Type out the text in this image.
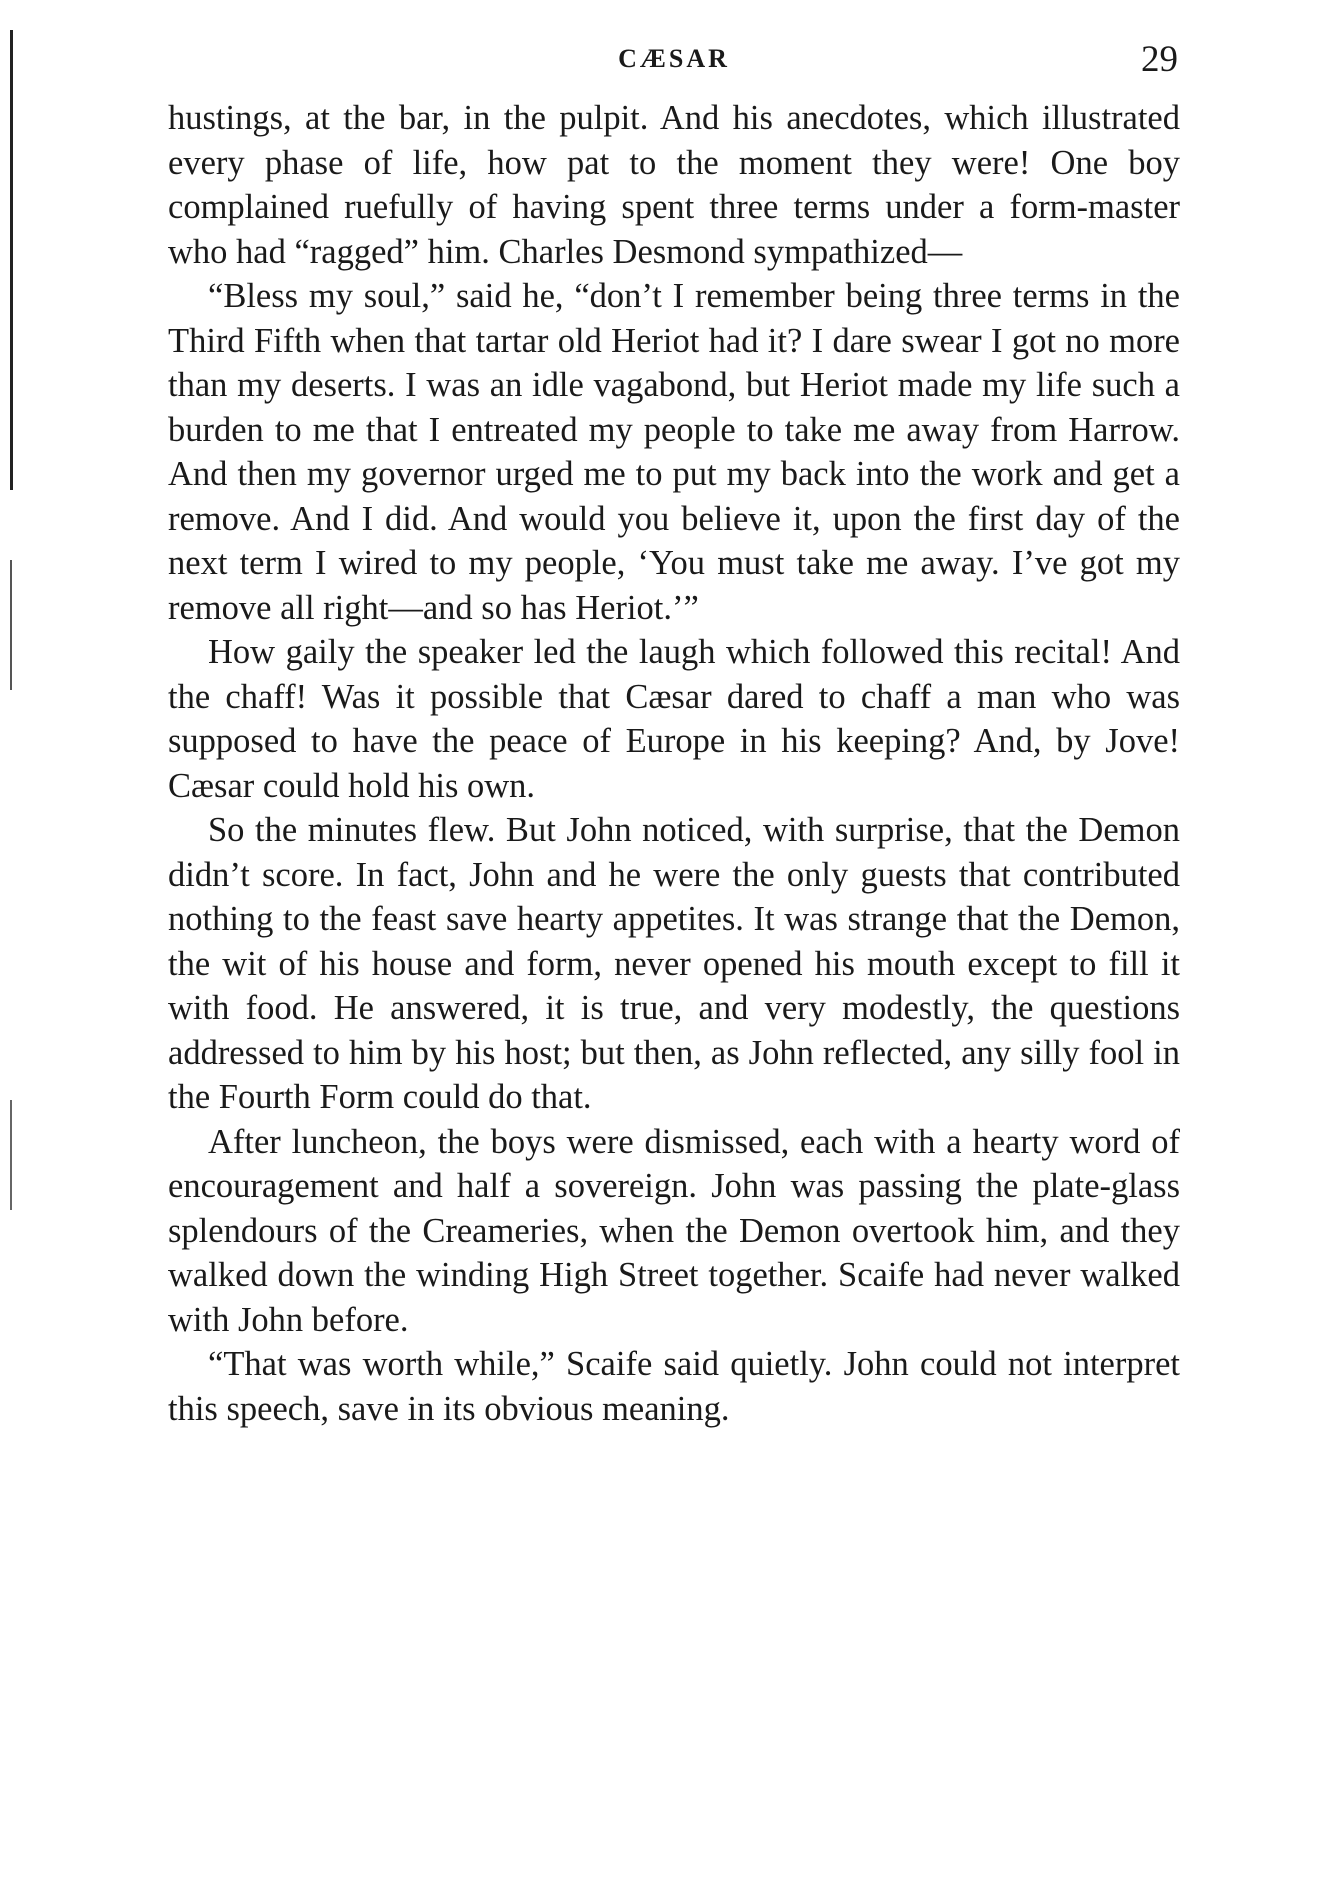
CÆSAR	29

hustings, at the bar, in the pulpit. And his anecdotes, which illustrated every phase of life, how pat to the moment they were! One boy complained ruefully of having spent three terms under a form-master who had “ragged” him. Charles Desmond sympathized—

“Bless my soul,” said he, “don’t I remember being three terms in the Third Fifth when that tartar old Heriot had it? I dare swear I got no more than my deserts. I was an idle vagabond, but Heriot made my life such a burden to me that I entreated my people to take me away from Harrow. And then my governor urged me to put my back into the work and get a remove. And I did. And would you believe it, upon the first day of the next term I wired to my people, ‘You must take me away. I’ve got my remove all right—and so has Heriot.’”

How gaily the speaker led the laugh which followed this recital! And the chaff! Was it possible that Cæsar dared to chaff a man who was supposed to have the peace of Europe in his keeping? And, by Jove! Cæsar could hold his own.

So the minutes flew. But John noticed, with surprise, that the Demon didn’t score. In fact, John and he were the only guests that contributed nothing to the feast save hearty appetites. It was strange that the Demon, the wit of his house and form, never opened his mouth except to fill it with food. He answered, it is true, and very modestly, the questions addressed to him by his host; but then, as John reflected, any silly fool in the Fourth Form could do that.

After luncheon, the boys were dismissed, each with a hearty word of encouragement and half a sovereign. John was passing the plate-glass splendours of the Creameries, when the Demon overtook him, and they walked down the winding High Street together. Scaife had never walked with John before.

“That was worth while,” Scaife said quietly. John could not interpret this speech, save in its obvious meaning.
